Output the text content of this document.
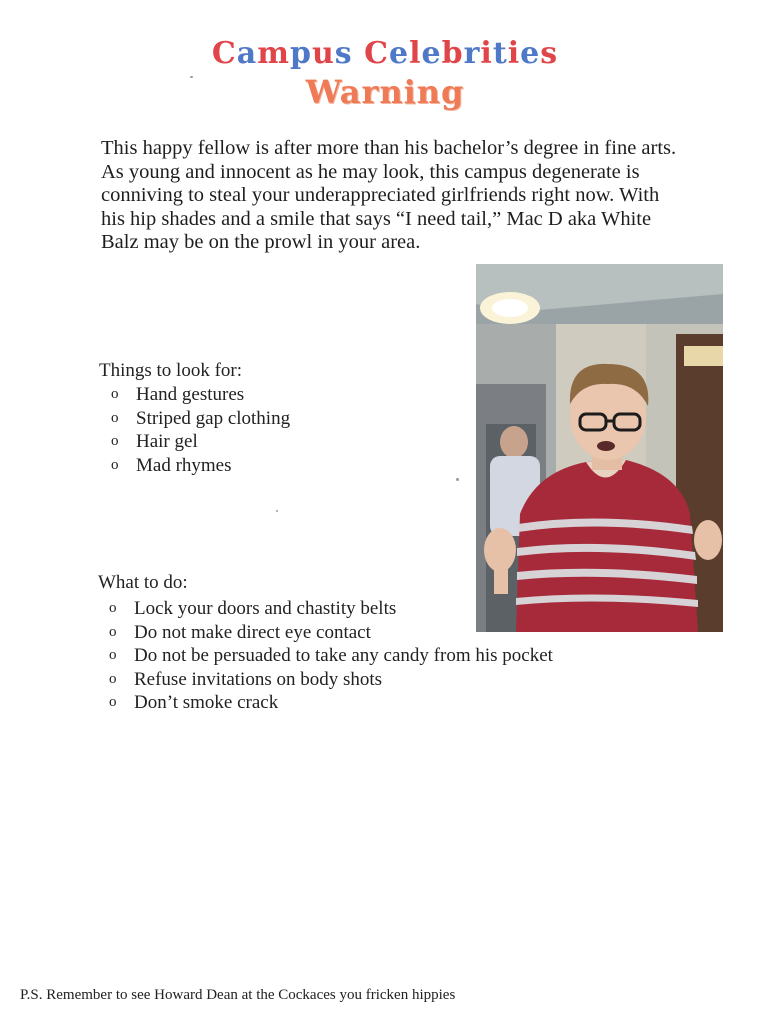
Campus Celebrities
Warning
This happy fellow is after more than his bachelor’s degree in fine arts.
As young and innocent as he may look, this campus degenerate is
conniving to steal your underappreciated girlfriends right now. With
his hip shades and a smile that says “I need tail,” Mac D aka White
Balz may be on the prowl in your area.
Things to look for:
o Hand gestures
o Striped gap clothing
o Hair gel
o Mad rhymes
What to do:
o Lock your doors and chastity belts
o Do not make direct eye contact
o Do not be persuaded to take any candy from his pocket
o Refuse invitations on body shots
o Don’t smoke crack
P.S. Remember to see Howard Dean at the Cockaces you fricken hippies
